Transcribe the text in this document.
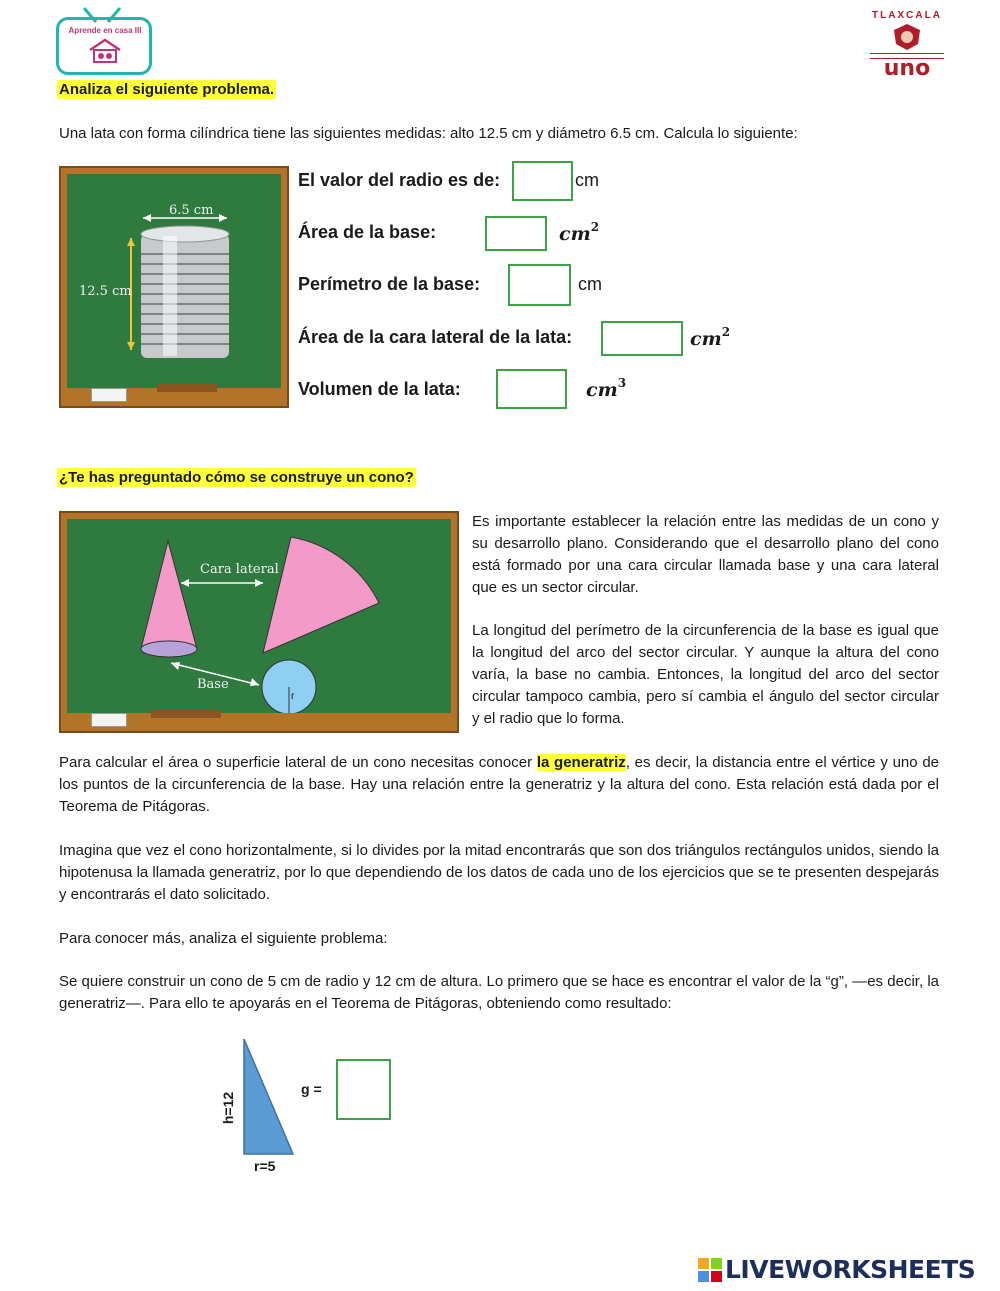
Aprende en casa III
TLAXCALA
uno
Analiza el siguiente problema.
Una lata con forma cilíndrica tiene las siguientes medidas: alto 12.5 cm y diámetro 6.5 cm. Calcula lo siguiente:
6.5 cm
12.5 cm
El valor del radio es de:	cm
Área de la base:	$cm^2$
Perímetro de la base:	cm
Área de la cara lateral de la lata:	$cm^2$
Volumen de la lata:	$cm^3$
¿Te has preguntado cómo se construye un cono?
Cara lateral
Base
r
Es importante establecer la relación entre las medidas de un cono y su desarrollo plano. Considerando que el desarrollo plano del cono está formado por una cara circular llamada base y una cara lateral que es un sector circular.
La longitud del perímetro de la circunferencia de la base es igual que la longitud del arco del sector circular. Y aunque la altura del cono varía, la base no cambia. Entonces, la longitud del arco del sector circular tampoco cambia, pero sí cambia el ángulo del sector circular y el radio que lo forma.
Para calcular el área o superficie lateral de un cono necesitas conocer la generatriz, es decir, la distancia entre el vértice y uno de los puntos de la circunferencia de la base. Hay una relación entre la generatriz y la altura del cono. Esta relación está dada por el Teorema de Pitágoras.
Imagina que vez el cono horizontalmente, si lo divides por la mitad encontrarás que son dos triángulos rectángulos unidos, siendo la hipotenusa la llamada generatriz, por lo que dependiendo de los datos de cada uno de los ejercicios que se te presenten despejarás y encontrarás el dato solicitado.
Para conocer más, analiza el siguiente problema:
Se quiere construir un cono de 5 cm de radio y 12 cm de altura. Lo primero que se hace es encontrar el valor de la “g”, —es decir, la generatriz—. Para ello te apoyarás en el Teorema de Pitágoras, obteniendo como resultado:
h=12
r=5
g =
LIVEWORKSHEETS
